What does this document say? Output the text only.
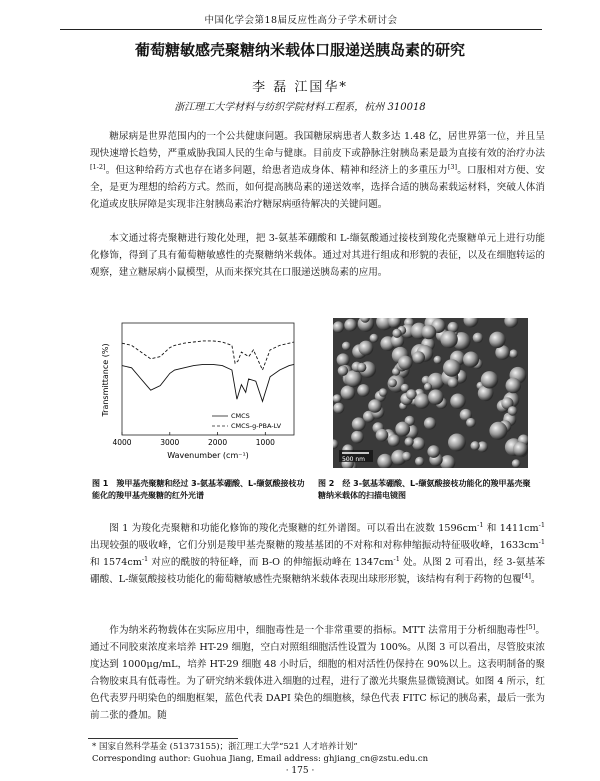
中国化学会第18届反应性高分子学术研讨会
葡萄糖敏感壳聚糖纳米载体口服递送胰岛素的研究
李 磊 江国华*
浙江理工大学材料与纺织学院材料工程系，杭州 310018

糖尿病是世界范围内的一个公共健康问题。我国糖尿病患者人数多达 1.48 亿，居世界第一位，并且呈现快速增长趋势，严重威胁我国人民的生命与健康。目前皮下或静脉注射胰岛素是最为直接有效的治疗办法[1-2]。但这种给药方式也存在诸多问题，给患者造成身体、精神和经济上的多重压力[3]。口服相对方便、安全，是更为理想的给药方式。然而，如何提高胰岛素的递送效率，选择合适的胰岛素载运材料，突破人体消化道或皮肤屏障是实现非注射胰岛素治疗糖尿病亟待解决的关键问题。

本文通过将壳聚糖进行羧化处理，把 3-氨基苯硼酸和 L-缬氨酸通过接枝到羧化壳聚糖单元上进行功能化修饰，得到了具有葡萄糖敏感性的壳聚糖纳米载体。通过对其进行组成和形貌的表征，以及在细胞转运的观察，建立糖尿病小鼠模型，从而来探究其在口服递送胰岛素的应用。

4000	3000	2000	1000
Transmittance (%)
Wavenumber (cm⁻¹)
CMCS
CMCS-g-PBA-LV
500 nm
图 1 羧甲基壳聚糖和经过 3-氨基苯硼酸、L-缬氨酸接枝功能化的羧甲基壳聚糖的红外光谱
图 2 经 3-氨基苯硼酸、L-缬氨酸接枝功能化的羧甲基壳聚糖纳米载体的扫描电镜图

图 1 为羧化壳聚糖和功能化修饰的羧化壳聚糖的红外谱图。可以看出在波数 $1596cm^{-1}$ 和 $1411cm^{-1}$ 出现较强的吸收峰，它们分别是羧甲基壳聚糖的羧基基团的不对称和对称伸缩振动特征吸收峰，$1633cm^{-1}$ 和 $1574cm^{-1}$ 对应的酰胺的特征峰，而 B-O 的伸缩振动峰在 $1347cm^{-1}$ 处。从图 2 可看出，经 3-氨基苯硼酸、L-缬氨酸接枝功能化的葡萄糖敏感性壳聚糖纳米载体表现出球形形貌，该结构有利于药物的包覆[4]。

作为纳米药物载体在实际应用中，细胞毒性是一个非常重要的指标。MTT 法常用于分析细胞毒性[5]。通过不同胶束浓度来培养 HT-29 细胞，空白对照组细胞活性设置为 100%。从图 3 可以看出，尽管胶束浓度达到 1000μg/mL，培养 HT-29 细胞 48 小时后，细胞的相对活性仍保持在 90%以上。这表明制备的聚合物胶束具有低毒性。为了研究纳米载体进入细胞的过程，进行了激光共聚焦显微镜测试。如图 4 所示，红色代表罗丹明染色的细胞框架，蓝色代表 DAPI 染色的细胞核，绿色代表 FITC 标记的胰岛素，最后一张为前二张的叠加。随

* 国家自然科学基金 (51373155)；浙江理工大学“521 人才培养计划”
Corresponding author: Guohua Jiang, Email address: ghjiang_cn@zstu.edu.cn
· 175 ·
